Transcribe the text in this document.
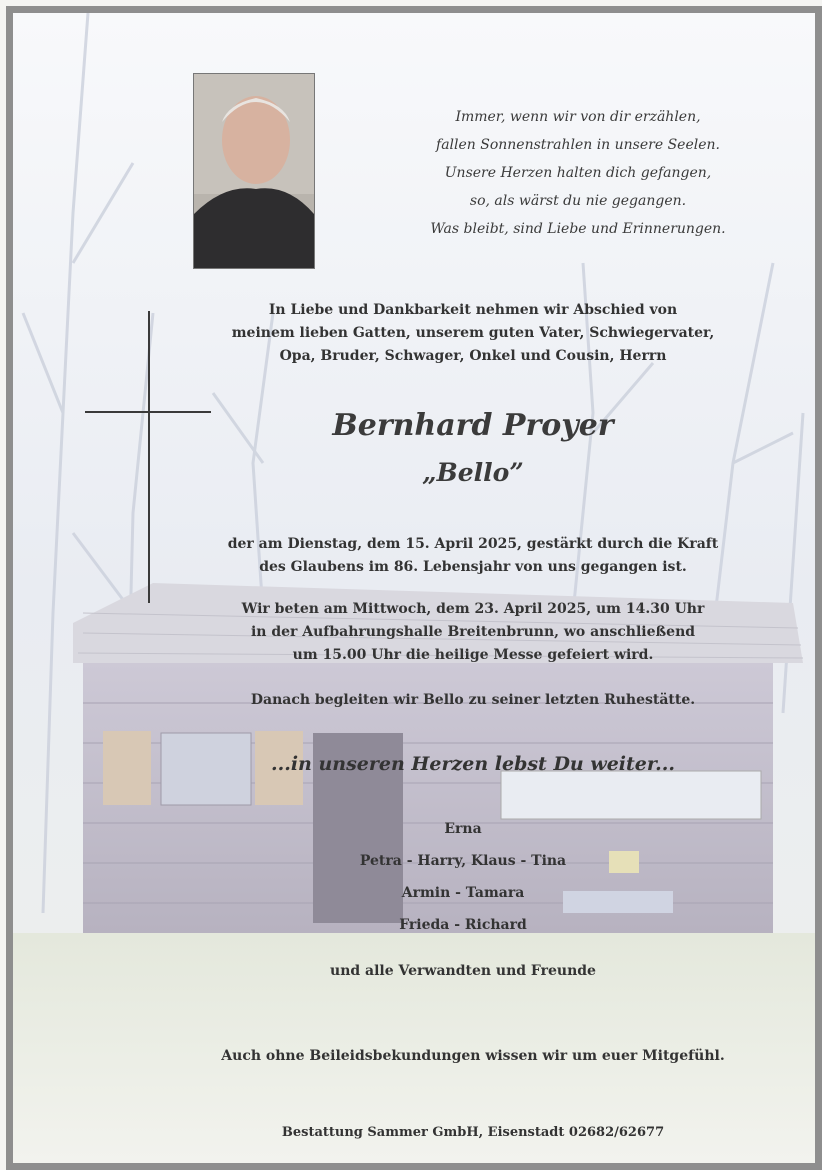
Immer, wenn wir von dir erzählen,
fallen Sonnenstrahlen in unsere Seelen.
Unsere Herzen halten dich gefangen,
so, als wärst du nie gegangen.
Was bleibt, sind Liebe und Erinnerungen.
In Liebe und Dankbarkeit nehmen wir Abschied von
meinem lieben Gatten, unserem guten Vater, Schwiegervater,
Opa, Bruder, Schwager, Onkel und Cousin, Herrn
Bernhard Proyer
„Bello”
der am Dienstag, dem 15. April 2025, gestärkt durch die Kraft
des Glaubens im 86. Lebensjahr von uns gegangen ist.
Wir beten am Mittwoch, dem 23. April 2025, um 14.30 Uhr
in der Aufbahrungshalle Breitenbrunn, wo anschließend
um 15.00 Uhr die heilige Messe gefeiert wird.
Danach begleiten wir Bello zu seiner letzten Ruhestätte.
...in unseren Herzen lebst Du weiter...
Erna
Petra - Harry, Klaus - Tina
Armin - Tamara
Frieda - Richard
und alle Verwandten und Freunde
Auch ohne Beileidsbekundungen wissen wir um euer Mitgefühl.
Bestattung Sammer GmbH, Eisenstadt 02682/62677
